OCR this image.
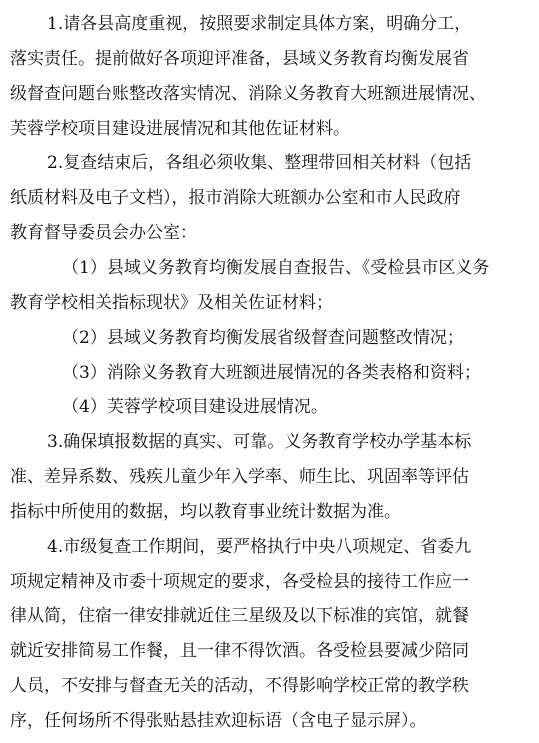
1.请各县高度重视，按照要求制定具体方案，明确分工，
落实责任。提前做好各项迎评准备，县域义务教育均衡发展省
级督查问题台账整改落实情况、消除义务教育大班额进展情况、
芙蓉学校项目建设进展情况和其他佐证材料。
2.复查结束后，各组必须收集、整理带回相关材料（包括
纸质材料及电子文档），报市消除大班额办公室和市人民政府
教育督导委员会办公室：
（1）县域义务教育均衡发展自查报告、《受检县市区义务
教育学校相关指标现状》及相关佐证材料；
（2）县域义务教育均衡发展省级督查问题整改情况；
（3）消除义务教育大班额进展情况的各类表格和资料；
（4）芙蓉学校项目建设进展情况。
3.确保填报数据的真实、可靠。义务教育学校办学基本标
准、差异系数、残疾儿童少年入学率、师生比、巩固率等评估
指标中所使用的数据，均以教育事业统计数据为准。
4.市级复查工作期间，要严格执行中央八项规定、省委九
项规定精神及市委十项规定的要求，各受检县的接待工作应一
律从简，住宿一律安排就近住三星级及以下标准的宾馆，就餐
就近安排简易工作餐，且一律不得饮酒。各受检县要减少陪同
人员，不安排与督查无关的活动，不得影响学校正常的教学秩
序，任何场所不得张贴悬挂欢迎标语（含电子显示屏）。
